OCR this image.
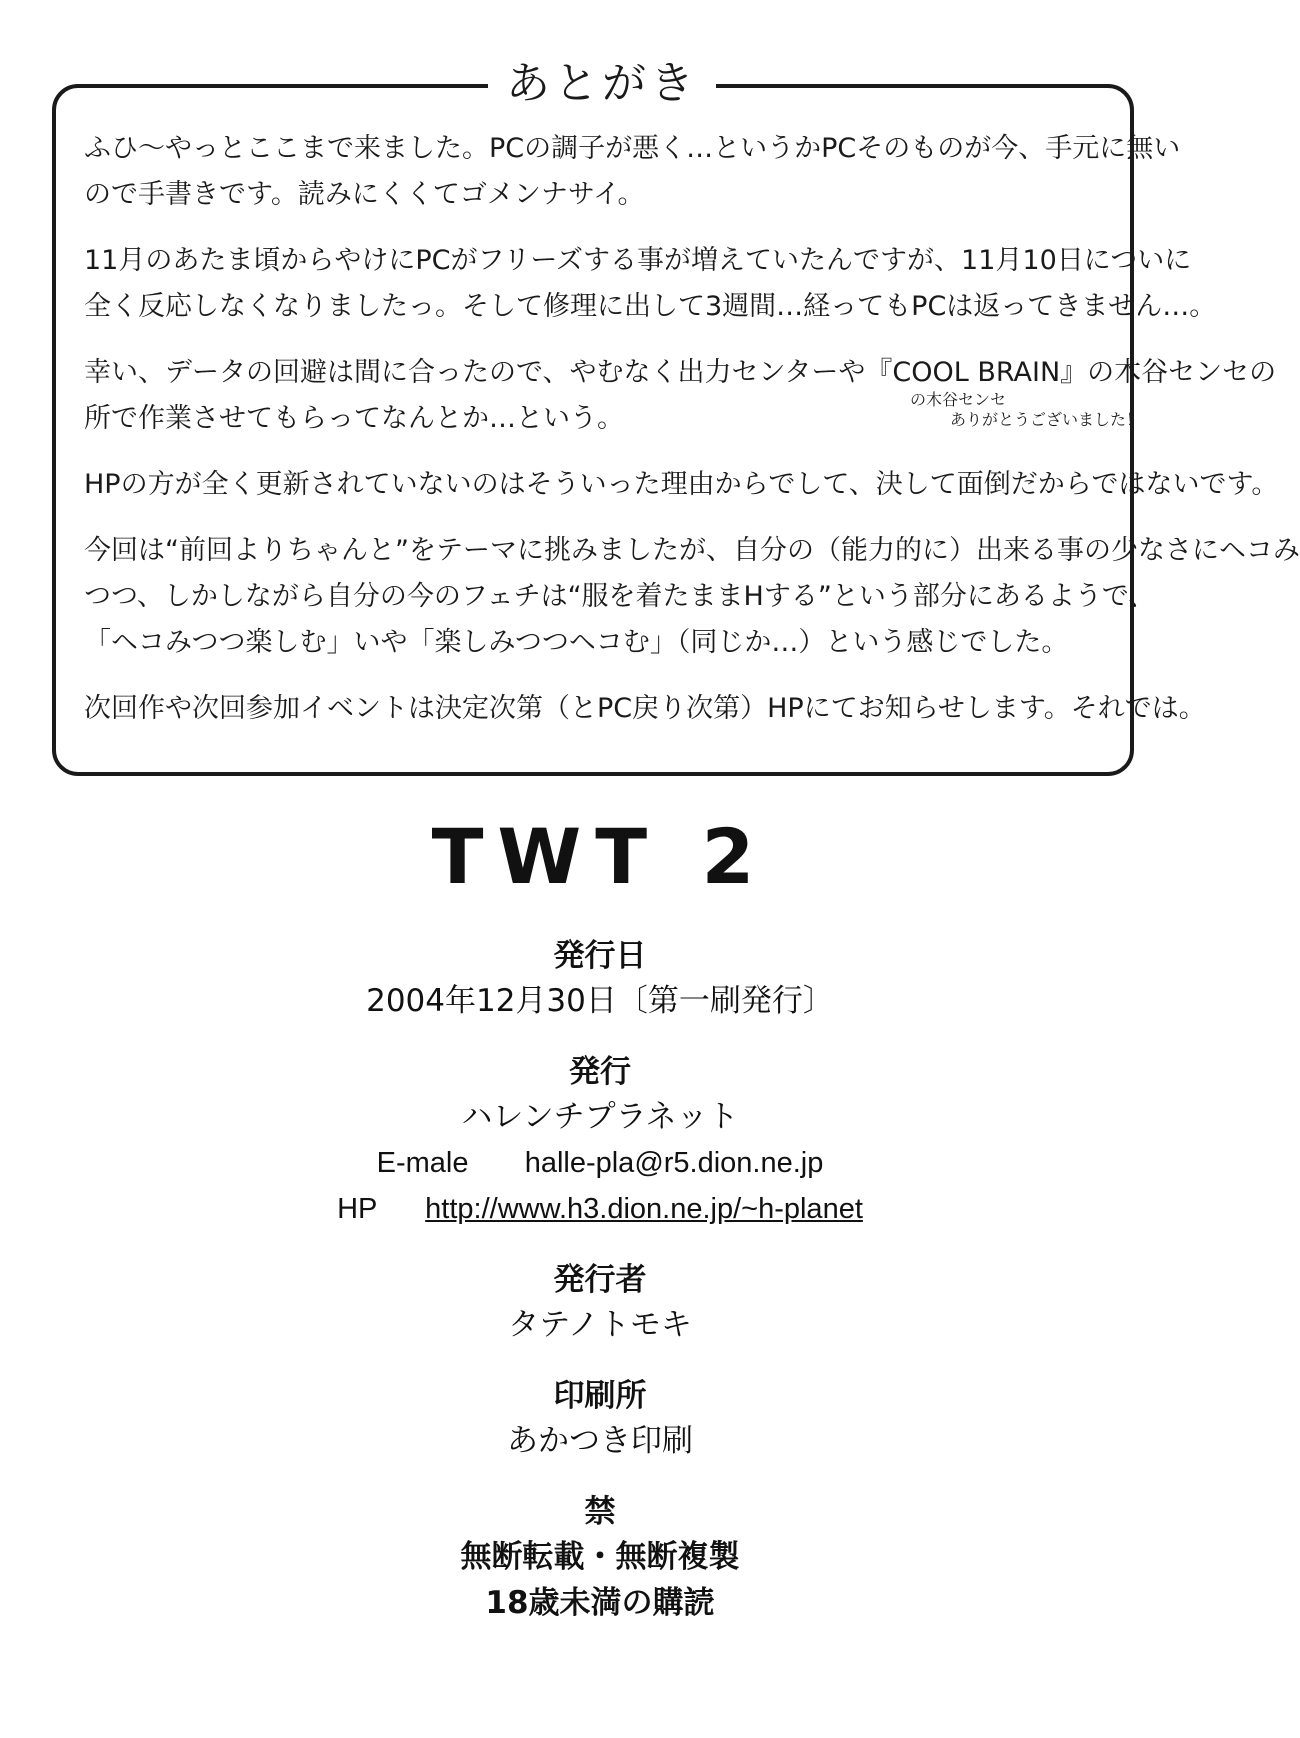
あとがき
ふひ〜やっとここまで来ました。PCの調子が悪く…というかPCそのものが今、手元に無い
ので手書きです。読みにくくてゴメンナサイ。
11月のあたま頃からやけにPCがフリーズする事が増えていたんですが、11月10日についに
全く反応しなくなりましたっ。そして修理に出して3週間…経ってもPCは返ってきません…。
幸い、データの回避は間に合ったので、やむなく出力センターや『COOL BRAIN』の木谷センセの
所で作業させてもらってなんとか…という。
の木谷センセ
ありがとうございました！
HPの方が全く更新されていないのはそういった理由からでして、決して面倒だからではないです。
今回は“前回よりちゃんと”をテーマに挑みましたが、自分の（能力的に）出来る事の少なさにヘコみ
つつ、しかしながら自分の今のフェチは“服を着たままHする”という部分にあるようで、
「ヘコみつつ楽しむ」いや「楽しみつつヘコむ」（同じか…）という感じでした。
次回作や次回参加イベントは決定次第（とPC戻り次第）HPにてお知らせします。それでは。
TWT 2
発行日
2004年12月30日〔第一刷発行〕
発行
ハレンチプラネット
E-male halle-pla@r5.dion.ne.jp
HP http://www.h3.dion.ne.jp/~h-planet
発行者
タテノトモキ
印刷所
あかつき印刷
禁
無断転載・無断複製
18歳未満の購読
